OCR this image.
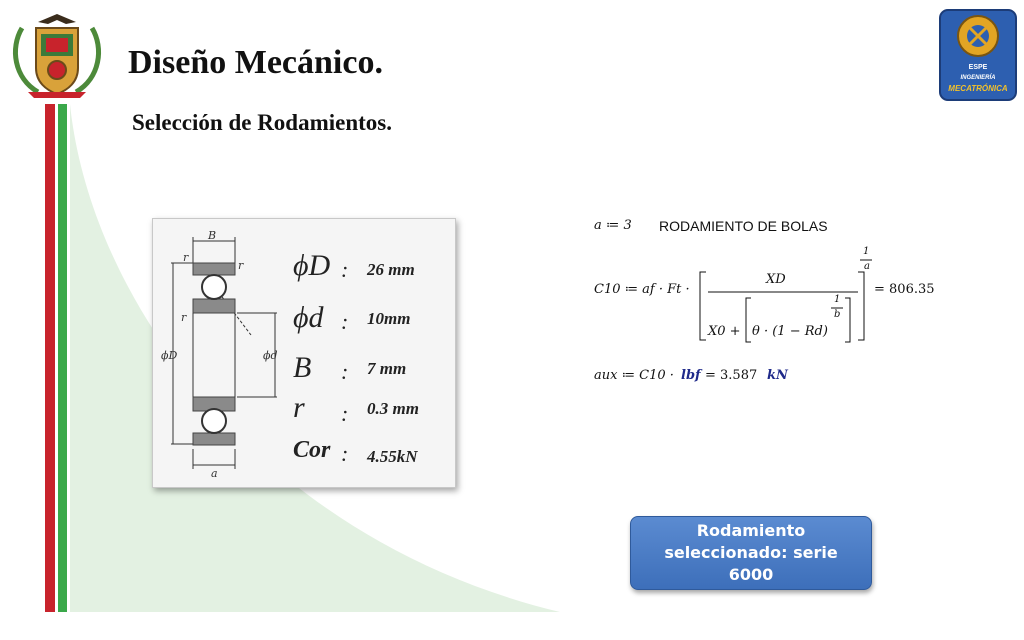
ESPE
INGENIERÍA
MECATRÓNICA
Diseño Mecánico.
Selección de Rodamientos.
B
r
r
r
ϕD	ϕd
a
ϕD : 26 mm
ϕd : 10mm
B : 7 mm
r : 0.3 mm
Cor : 4.55kN
a ≔ 3 RODAMIENTO DE BOLAS
C10 ≔ af · Ft ·
XD
X0 + θ · (1 − Rd)
1
b
1
a
= 806.35
aux ≔ C10 · lbf = 3.587 kN
Rodamiento seleccionado: serie 6000
